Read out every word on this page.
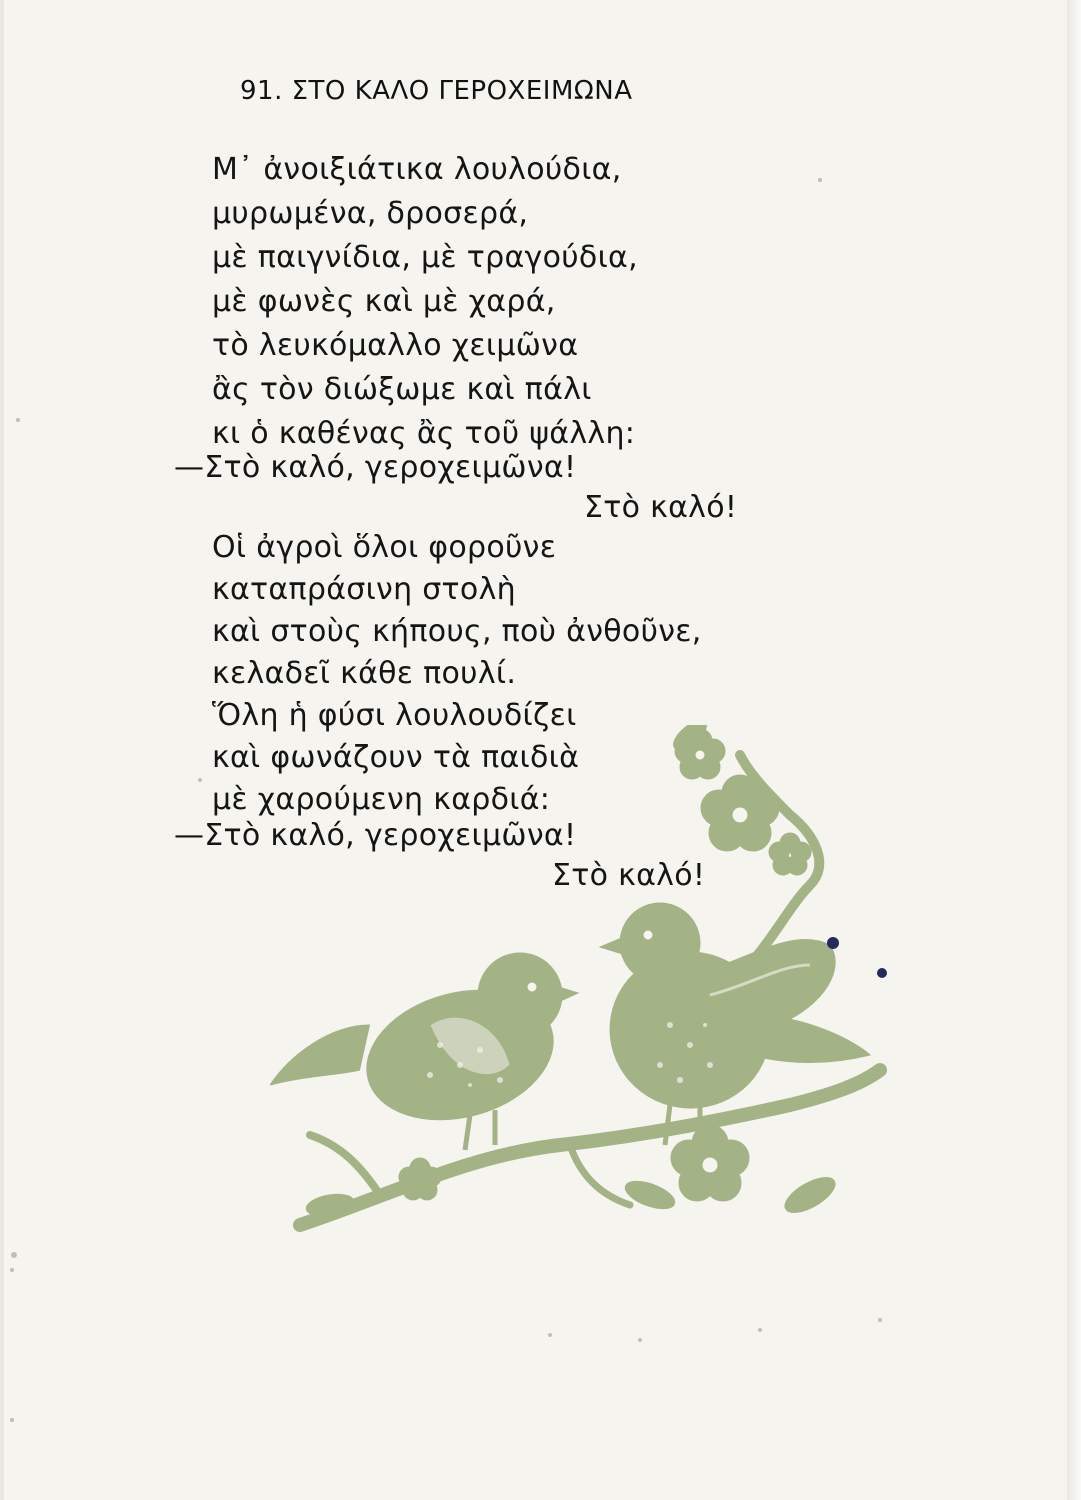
91. ΣΤΟ ΚΑΛΟ ΓΕΡΟΧΕΙΜΩΝΑ
Μ᾿ ἀνοιξιάτικα λουλούδια,
μυρωμένα, δροσερά,
μὲ παιγνίδια, μὲ τραγούδια,
μὲ φωνὲς καὶ μὲ χαρά,
τὸ λευκόμαλλο χειμῶνα
ἂς τὸν διώξωμε καὶ πάλι
κι ὁ καθένας ἂς τοῦ ψάλλη:
—Στὸ καλό, γεροχειμῶνα!
Στὸ καλό!
Οἱ ἀγροὶ ὅλοι φοροῦνε
καταπράσινη στολὴ
καὶ στοὺς κήπους, ποὺ ἀνθοῦνε,
κελαδεῖ κάθε πουλί.
Ὅλη ἡ φύσι λουλουδίζει
καὶ φωνάζουν τὰ παιδιὰ
μὲ χαρούμενη καρδιά:
—Στὸ καλό, γεροχειμῶνα!
Στὸ καλό!
